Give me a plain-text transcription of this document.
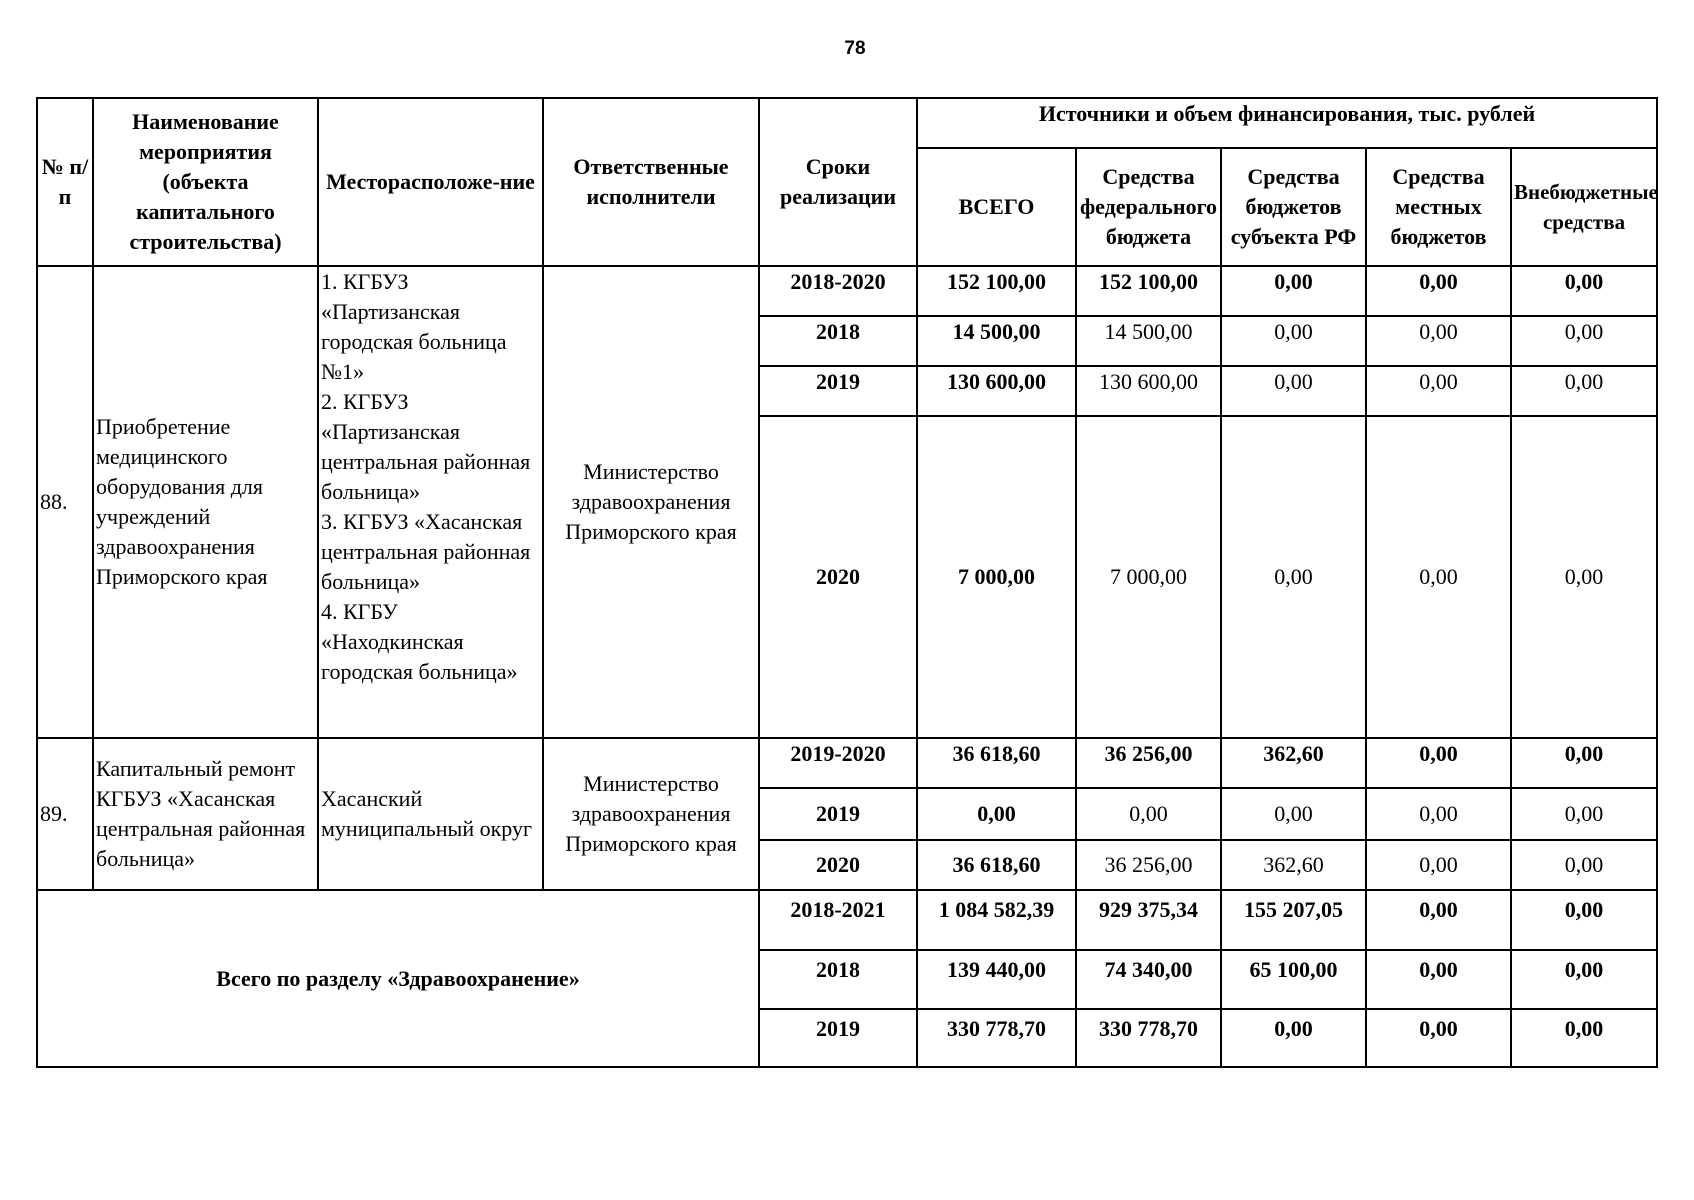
78
№ п/п	Наименование мероприятия (объекта капитального строительства)	Месторасположе-ние	Ответственные исполнители	Сроки реализации	Источники и объем финансирования, тыс. рублей				
					ВСЕГО	Средства федерального бюджета	Средства бюджетов субъекта РФ	Средства местных бюджетов	Внебюджетные средства
88.	Приобретение медицинского оборудования для учреждений здравоохранения Приморского края	1. КГБУЗ «Партизанская городская больница №1»
2. КГБУЗ «Партизанская центральная районная больница»
3. КГБУЗ «Хасанская центральная районная больница»
4. КГБУ «Находкинская городская больница»	Министерство здравоохранения Приморского края	2018-2020	152 100,00	152 100,00	0,00	0,00	0,00
				2018	14 500,00	14 500,00	0,00	0,00	0,00
				2019	130 600,00	130 600,00	0,00	0,00	0,00
				2020	7 000,00	7 000,00	0,00	0,00	0,00
89.	Капитальный ремонт КГБУЗ «Хасанская центральная районная больница»	Хасанский муниципальный округ	Министерство здравоохранения Приморского края	2019-2020	36 618,60	36 256,00	362,60	0,00	0,00
				2019	0,00	0,00	0,00	0,00	0,00
				2020	36 618,60	36 256,00	362,60	0,00	0,00
Всего по разделу «Здравоохранение»				2018-2021	1 084 582,39	929 375,34	155 207,05	0,00	0,00
				2018	139 440,00	74 340,00	65 100,00	0,00	0,00
				2019	330 778,70	330 778,70	0,00	0,00	0,00
